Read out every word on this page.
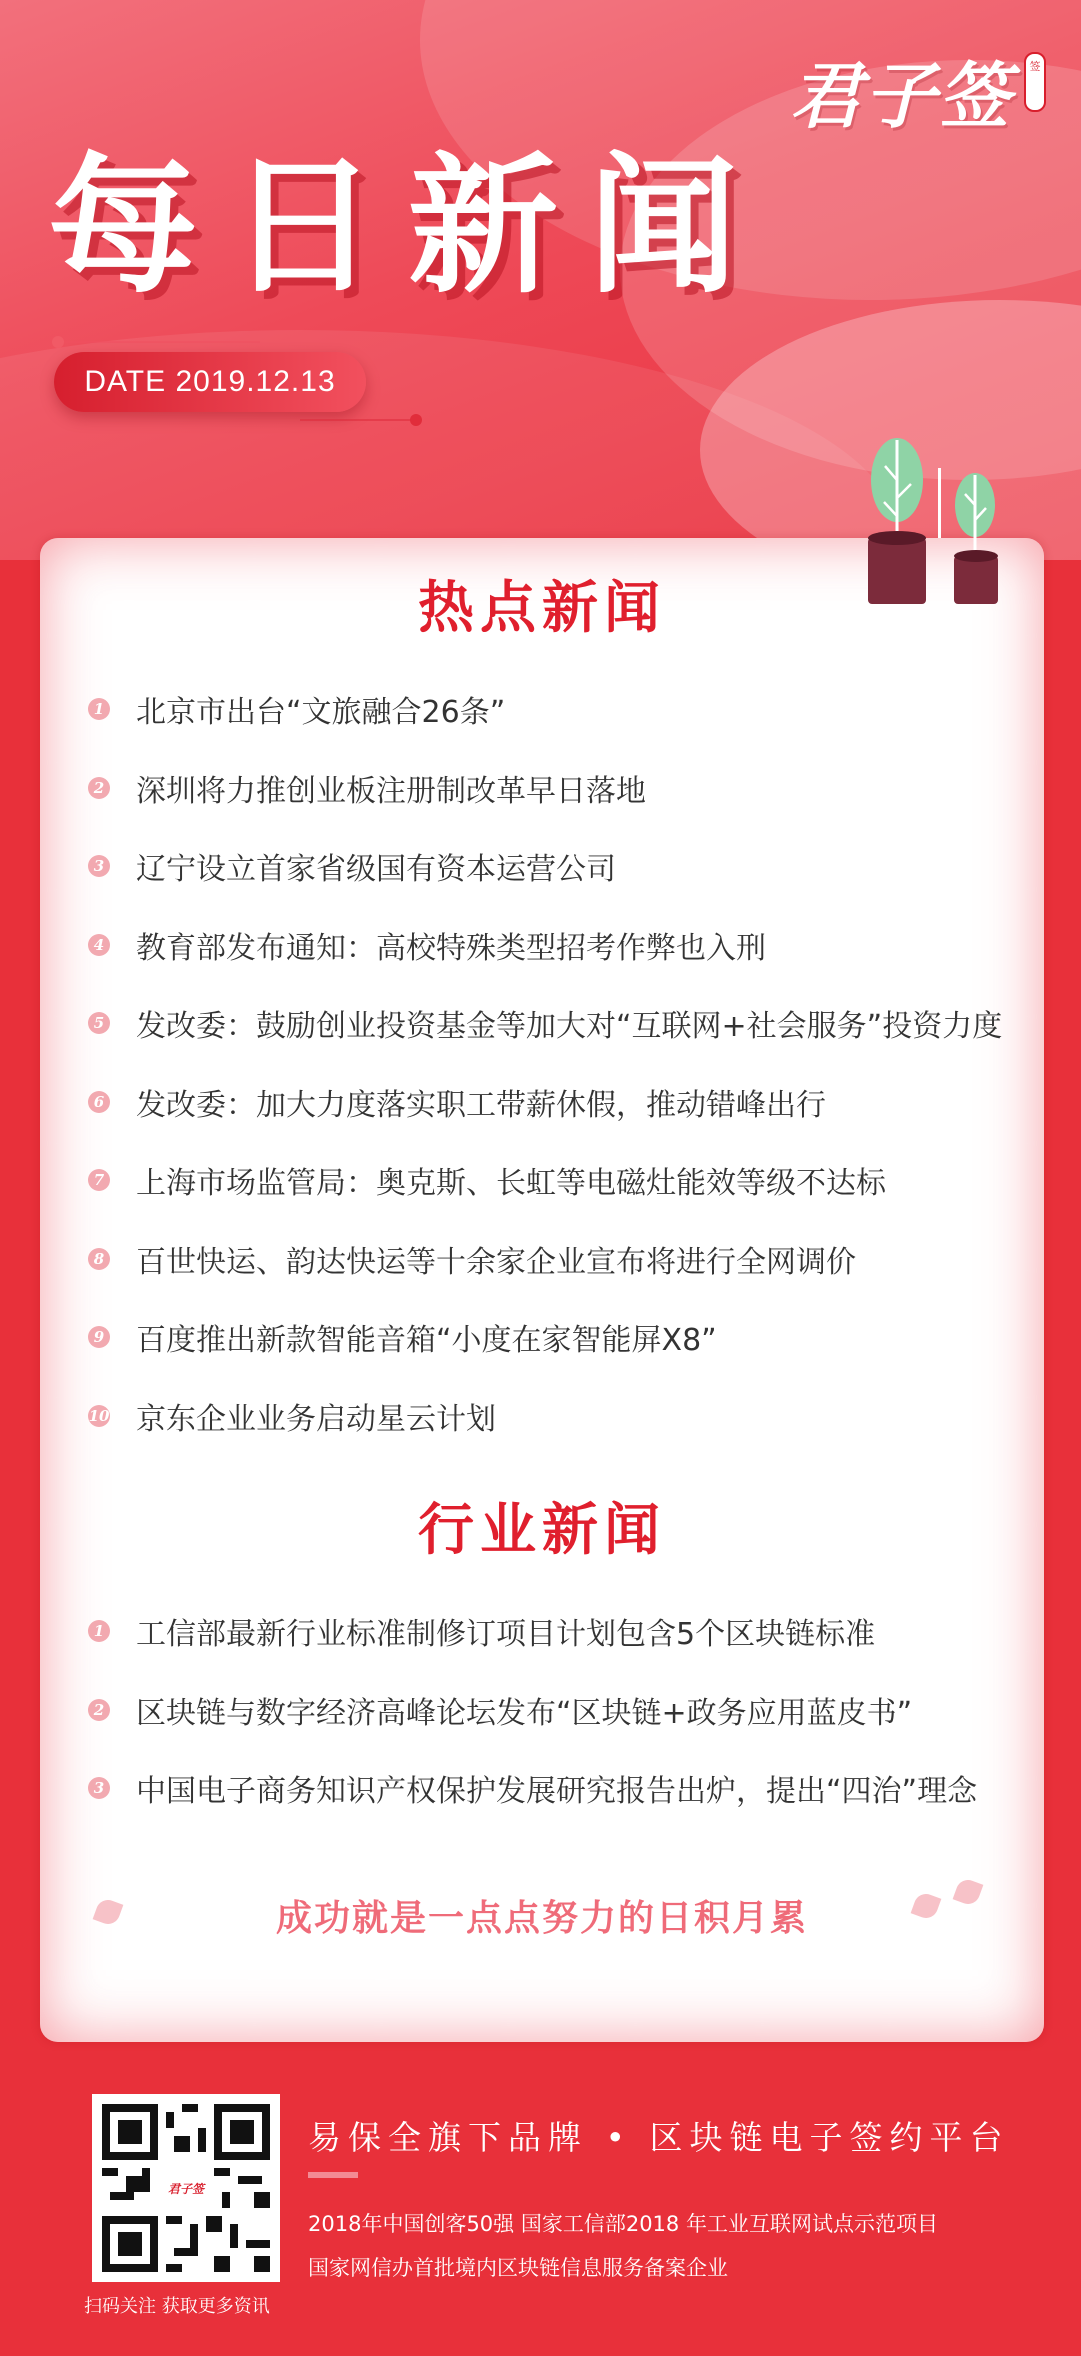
君子签	签
每日新闻
DATE 2019.12.13
热点新闻
1 北京市出台“文旅融合26条”
2 深圳将力推创业板注册制改革早日落地
3 辽宁设立首家省级国有资本运营公司
4 教育部发布通知：高校特殊类型招考作弊也入刑
5 发改委：鼓励创业投资基金等加大对“互联网+社会服务”投资力度
6 发改委：加大力度落实职工带薪休假，推动错峰出行
7 上海市场监管局：奥克斯、长虹等电磁灶能效等级不达标
8 百世快运、韵达快运等十余家企业宣布将进行全网调价
9 百度推出新款智能音箱“小度在家智能屏X8”
10 京东企业业务启动星云计划
行业新闻
1 工信部最新行业标准制修订项目计划包含5个区块链标准
2 区块链与数字经济高峰论坛发布“区块链+政务应用蓝皮书”
3 中国电子商务知识产权保护发展研究报告出炉，提出“四治”理念
成功就是一点点努力的日积月累
君子签
扫码关注 获取更多资讯
易保全旗下品牌 • 区块链电子签约平台
2018年中国创客50强 国家工信部2018 年工业互联网试点示范项目
国家网信办首批境内区块链信息服务备案企业
